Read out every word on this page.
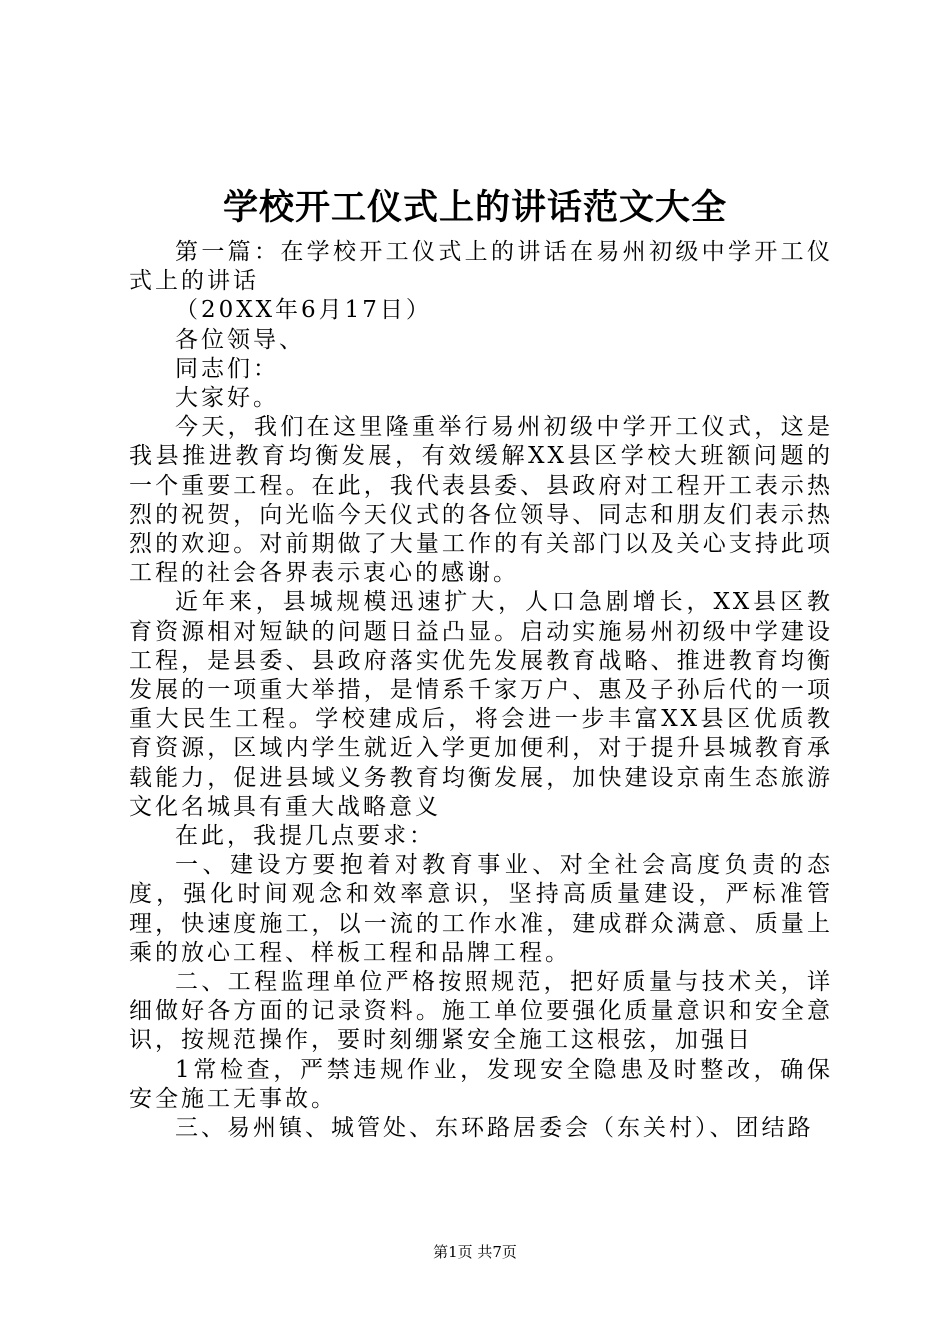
学校开工仪式上的讲话范文大全

第一篇：在学校开工仪式上的讲话在易州初级中学开工仪式上的讲话

（20XX年6月17日）

各位领导、

同志们：

大家好。

今天，我们在这里隆重举行易州初级中学开工仪式，这是我县推进教育均衡发展，有效缓解XX县区学校大班额问题的一个重要工程。在此，我代表县委、县政府对工程开工表示热烈的祝贺，向光临今天仪式的各位领导、同志和朋友们表示热烈的欢迎。对前期做了大量工作的有关部门以及关心支持此项工程的社会各界表示衷心的感谢。

近年来，县城规模迅速扩大，人口急剧增长，XX县区教育资源相对短缺的问题日益凸显。启动实施易州初级中学建设工程，是县委、县政府落实优先发展教育战略、推进教育均衡发展的一项重大举措，是情系千家万户、惠及子孙后代的一项重大民生工程。学校建成后，将会进一步丰富XX县区优质教育资源，区域内学生就近入学更加便利，对于提升县城教育承载能力，促进县域义务教育均衡发展，加快建设京南生态旅游文化名城具有重大战略意义

在此，我提几点要求：

一、建设方要抱着对教育事业、对全社会高度负责的态度，强化时间观念和效率意识，坚持高质量建设，严标准管理，快速度施工，以一流的工作水准，建成群众满意、质量上乘的放心工程、样板工程和品牌工程。

二、工程监理单位严格按照规范，把好质量与技术关，详细做好各方面的记录资料。施工单位要强化质量意识和安全意识，按规范操作，要时刻绷紧安全施工这根弦，加强日

1常检查，严禁违规作业，发现安全隐患及时整改，确保安全施工无事故。

三、易州镇、城管处、东环路居委会（东关村）、团结路

第1页 共7页
